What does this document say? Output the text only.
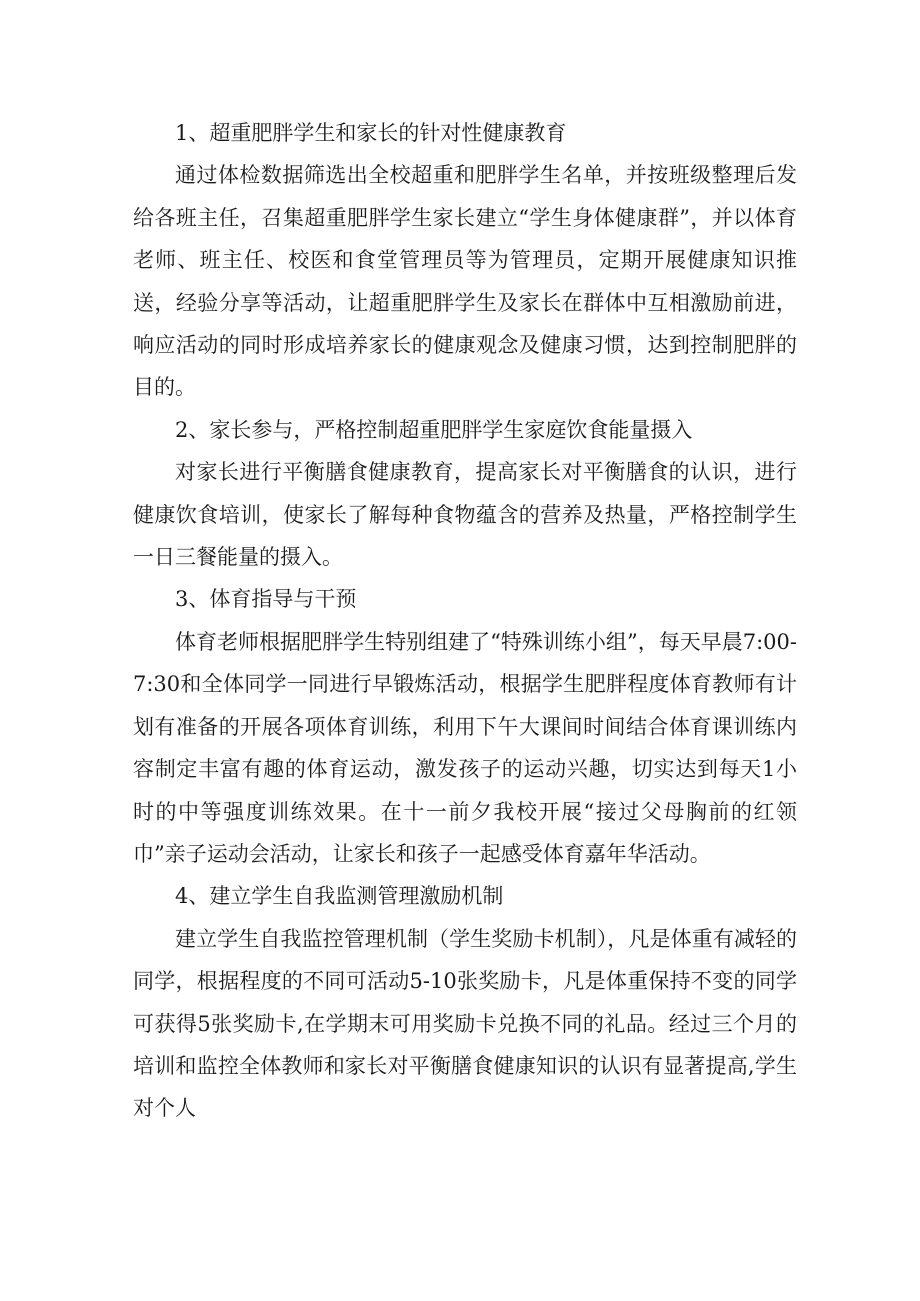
1、超重肥胖学生和家长的针对性健康教育

通过体检数据筛选出全校超重和肥胖学生名单，并按班级整理后发给各班主任，召集超重肥胖学生家长建立“学生身体健康群”，并以体育老师、班主任、校医和食堂管理员等为管理员，定期开展健康知识推送，经验分享等活动，让超重肥胖学生及家长在群体中互相激励前进，响应活动的同时形成培养家长的健康观念及健康习惯，达到控制肥胖的目的。

2、家长参与，严格控制超重肥胖学生家庭饮食能量摄入

对家长进行平衡膳食健康教育，提高家长对平衡膳食的认识，进行健康饮食培训，使家长了解每种食物蕴含的营养及热量，严格控制学生一日三餐能量的摄入。

3、体育指导与干预

体育老师根据肥胖学生特别组建了“特殊训练小组”，每天早晨7:00-7:30和全体同学一同进行早锻炼活动，根据学生肥胖程度体育教师有计划有准备的开展各项体育训练，利用下午大课间时间结合体育课训练内容制定丰富有趣的体育运动，激发孩子的运动兴趣，切实达到每天1小时的中等强度训练效果。在十一前夕我校开展“接过父母胸前的红领巾”亲子运动会活动，让家长和孩子一起感受体育嘉年华活动。

4、建立学生自我监测管理激励机制

建立学生自我监控管理机制（学生奖励卡机制），凡是体重有减轻的同学，根据程度的不同可活动5-10张奖励卡，凡是体重保持不变的同学可获得5张奖励卡,在学期末可用奖励卡兑换不同的礼品。经过三个月的培训和监控全体教师和家长对平衡膳食健康知识的认识有显著提高,学生对个人
